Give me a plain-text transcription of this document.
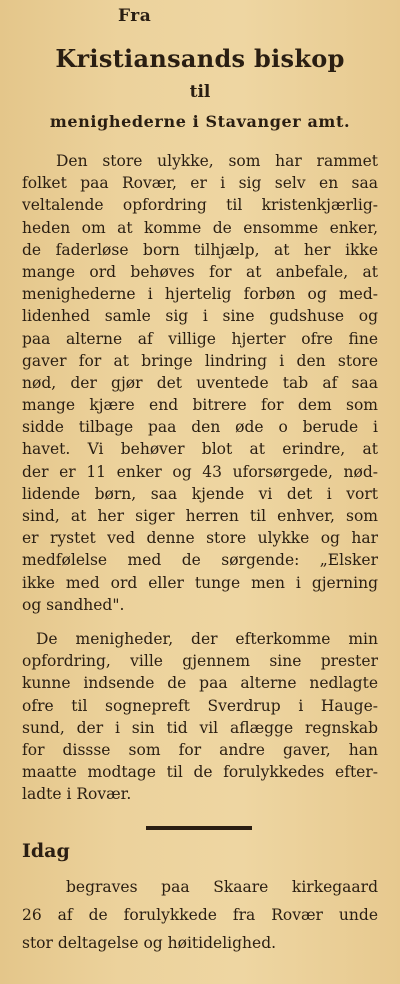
Fra
Kristiansands biskop
til
menighederne i Stavanger amt.
Den store ulykke, som har rammet
folket paa Rovær, er i sig selv en saa
veltalende opfordring til kristenkjærlig-
heden om at komme de ensomme enker,
de faderløse born tilhjælp, at her ikke
mange ord behøves for at anbefale, at
menighederne i hjertelig forbøn og med-
lidenhed samle sig i sine gudshuse og
paa alterne af villige hjerter ofre fine
gaver for at bringe lindring i den store
nød, der gjør det uventede tab af saa
mange kjære end bitrere for dem som
sidde tilbage paa den øde o berude i
havet. Vi behøver blot at erindre, at
der er 11 enker og 43 uforsørgede, nød-
lidende børn, saa kjende vi det i vort
sind, at her siger herren til enhver, som
er rystet ved denne store ulykke og har
medfølelse med de sørgende: „Elsker
ikke med ord eller tunge men i gjerning
og sandhed".
De menigheder, der efterkomme min
opfordring, ville gjennem sine prester
kunne indsende de paa alterne nedlagte
ofre til sognepreft Sverdrup i Hauge-
sund, der i sin tid vil aflægge regnskab
for dissse som for andre gaver, han
maatte modtage til de forulykkedes efter-
ladte i Rovær.
Idag
begraves paa Skaare kirkegaard
26 af de forulykkede fra Rovær unde
stor deltagelse og høitidelighed.
